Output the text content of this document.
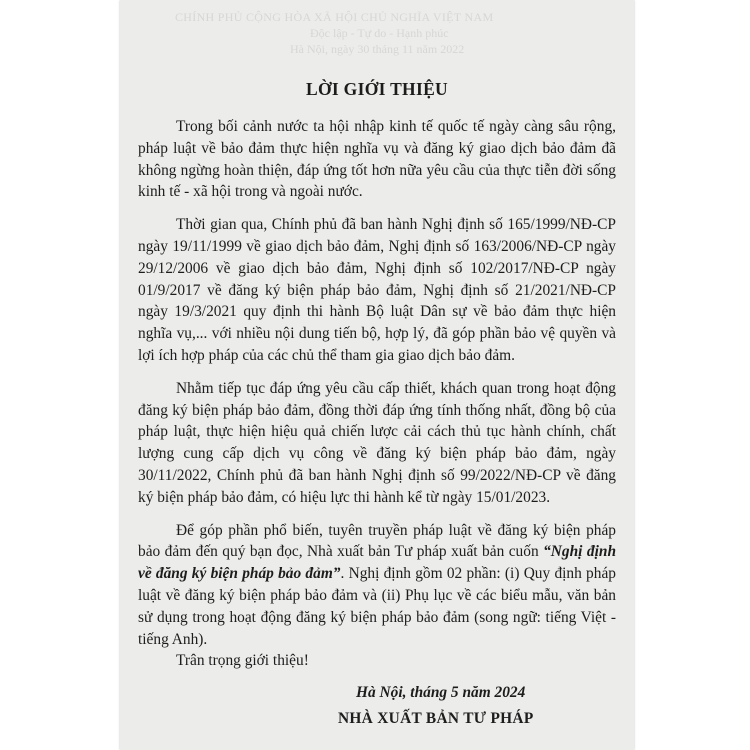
CHÍNH PHỦ CỘNG HÒA XÃ HỘI CHỦ NGHĨA VIỆT NAM
Độc lập - Tự do - Hạnh phúc
Hà Nội, ngày 30 tháng 11 năm 2022
LỜI GIỚI THIỆU

Trong bối cảnh nước ta hội nhập kinh tế quốc tế ngày càng sâu rộng, pháp luật về bảo đảm thực hiện nghĩa vụ và đăng ký giao dịch bảo đảm đã không ngừng hoàn thiện, đáp ứng tốt hơn nữa yêu cầu của thực tiễn đời sống kinh tế - xã hội trong và ngoài nước.

Thời gian qua, Chính phủ đã ban hành Nghị định số 165/1999/NĐ-CP ngày 19/11/1999 về giao dịch bảo đảm, Nghị định số 163/2006/NĐ-CP ngày 29/12/2006 về giao dịch bảo đảm, Nghị định số 102/2017/NĐ-CP ngày 01/9/2017 về đăng ký biện pháp bảo đảm, Nghị định số 21/2021/NĐ-CP ngày 19/3/2021 quy định thi hành Bộ luật Dân sự về bảo đảm thực hiện nghĩa vụ,... với nhiều nội dung tiến bộ, hợp lý, đã góp phần bảo vệ quyền và lợi ích hợp pháp của các chủ thể tham gia giao dịch bảo đảm.

Nhằm tiếp tục đáp ứng yêu cầu cấp thiết, khách quan trong hoạt động đăng ký biện pháp bảo đảm, đồng thời đáp ứng tính thống nhất, đồng bộ của pháp luật, thực hiện hiệu quả chiến lược cải cách thủ tục hành chính, chất lượng cung cấp dịch vụ công về đăng ký biện pháp bảo đảm, ngày 30/11/2022, Chính phủ đã ban hành Nghị định số 99/2022/NĐ-CP về đăng ký biện pháp bảo đảm, có hiệu lực thi hành kể từ ngày 15/01/2023.

Để góp phần phổ biến, tuyên truyền pháp luật về đăng ký biện pháp bảo đảm đến quý bạn đọc, Nhà xuất bản Tư pháp xuất bản cuốn “Nghị định về đăng ký biện pháp bảo đảm”. Nghị định gồm 02 phần: (i) Quy định pháp luật về đăng ký biện pháp bảo đảm và (ii) Phụ lục về các biểu mẫu, văn bản sử dụng trong hoạt động đăng ký biện pháp bảo đảm (song ngữ: tiếng Việt - tiếng Anh).

Trân trọng giới thiệu!
Hà Nội, tháng 5 năm 2024
NHÀ XUẤT BẢN TƯ PHÁP
